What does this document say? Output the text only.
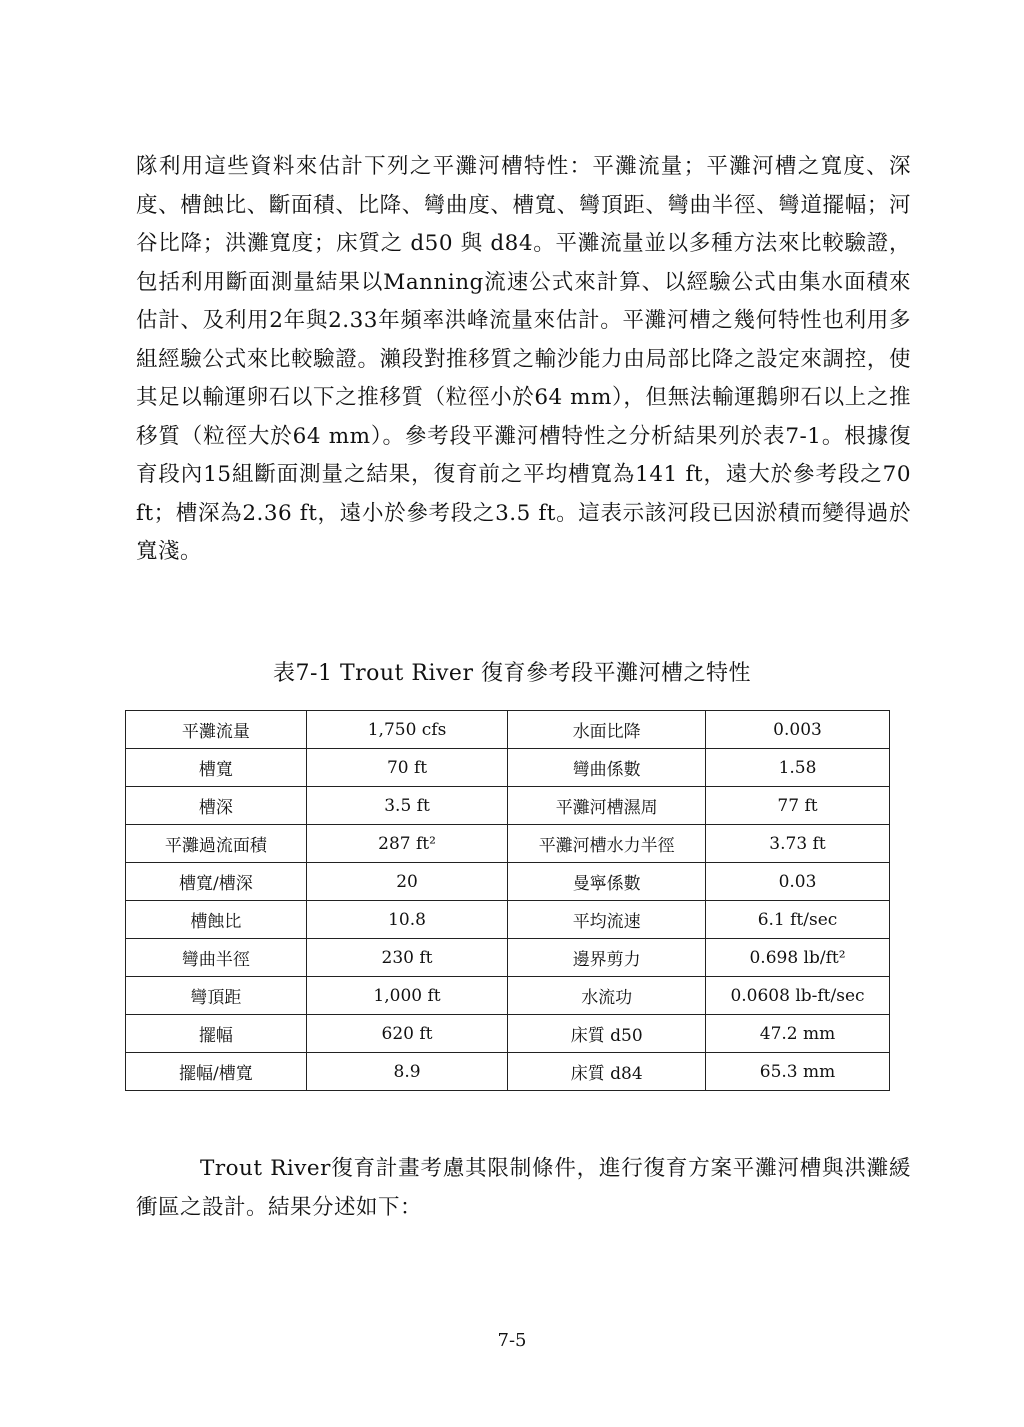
隊利用這些資料來估計下列之平灘河槽特性：平灘流量；平灘河槽之寬度、深度、槽蝕比、斷面積、比降、彎曲度、槽寬、彎頂距、彎曲半徑、彎道擺幅；河谷比降；洪灘寬度；床質之 d50 與 d84。平灘流量並以多種方法來比較驗證，包括利用斷面測量結果以Manning流速公式來計算、以經驗公式由集水面積來估計、及利用2年與2.33年頻率洪峰流量來估計。平灘河槽之幾何特性也利用多組經驗公式來比較驗證。瀨段對推移質之輸沙能力由局部比降之設定來調控，使其足以輸運卵石以下之推移質（粒徑小於64 mm），但無法輸運鵝卵石以上之推移質（粒徑大於64 mm）。參考段平灘河槽特性之分析結果列於表7-1。根據復育段內15組斷面測量之結果，復育前之平均槽寬為141 ft，遠大於參考段之70 ft；槽深為2.36 ft，遠小於參考段之3.5 ft。這表示該河段已因淤積而變得過於寬淺。

表7-1 Trout River 復育參考段平灘河槽之特性
平灘流量	1,750 cfs	水面比降	0.003
槽寬	70 ft	彎曲係數	1.58
槽深	3.5 ft	平灘河槽濕周	77 ft
平灘過流面積	287 ft²	平灘河槽水力半徑	3.73 ft
槽寬/槽深	20	曼寧係數	0.03
槽蝕比	10.8	平均流速	6.1 ft/sec
彎曲半徑	230 ft	邊界剪力	0.698 lb/ft²
彎頂距	1,000 ft	水流功	0.0608 lb-ft/sec
擺幅	620 ft	床質 d50	47.2 mm
擺幅/槽寬	8.9	床質 d84	65.3 mm

Trout River復育計畫考慮其限制條件，進行復育方案平灘河槽與洪灘緩衝區之設計。結果分述如下：

7-5
